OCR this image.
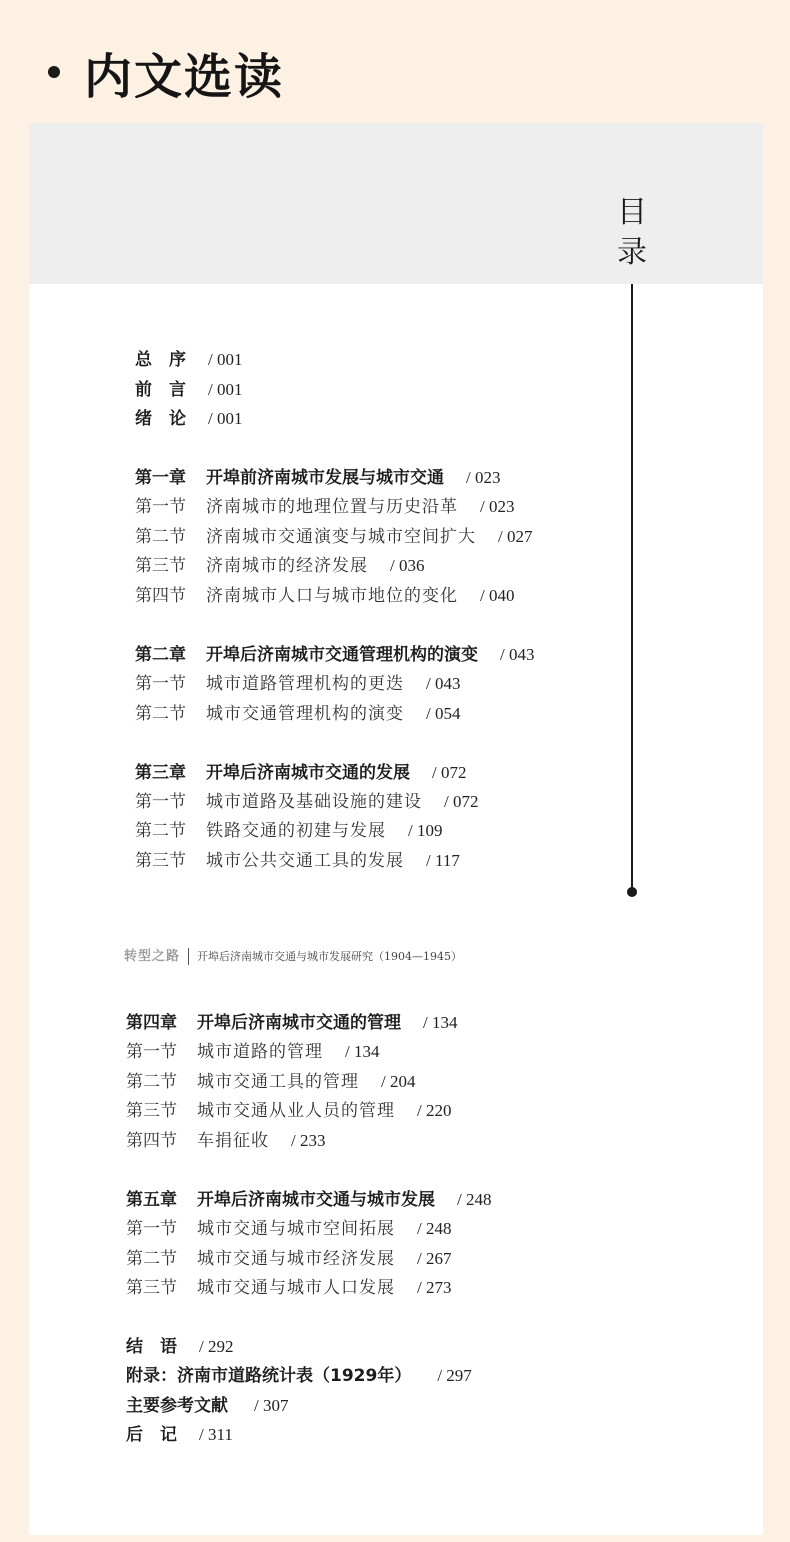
内文选读
目
录
转型之路 开埠后济南城市交通与城市发展研究（1904—1945）
总　序 / 001
前　言 / 001
绪　论 / 001
第一章 开埠前济南城市发展与城市交通 / 023
第一节 济南城市的地理位置与历史沿革 / 023
第二节 济南城市交通演变与城市空间扩大 / 027
第三节 济南城市的经济发展 / 036
第四节 济南城市人口与城市地位的变化 / 040
第二章 开埠后济南城市交通管理机构的演变 / 043
第一节 城市道路管理机构的更迭 / 043
第二节 城市交通管理机构的演变 / 054
第三章 开埠后济南城市交通的发展 / 072
第一节 城市道路及基础设施的建设 / 072
第二节 铁路交通的初建与发展 / 109
第三节 城市公共交通工具的发展 / 117
第四章 开埠后济南城市交通的管理 / 134
第一节 城市道路的管理 / 134
第二节 城市交通工具的管理 / 204
第三节 城市交通从业人员的管理 / 220
第四节 车捐征收 / 233
第五章 开埠后济南城市交通与城市发展 / 248
第一节 城市交通与城市空间拓展 / 248
第二节 城市交通与城市经济发展 / 267
第三节 城市交通与城市人口发展 / 273
结　语 / 292
附录：济南市道路统计表（1929年） / 297
主要参考文献 / 307
后　记 / 311
